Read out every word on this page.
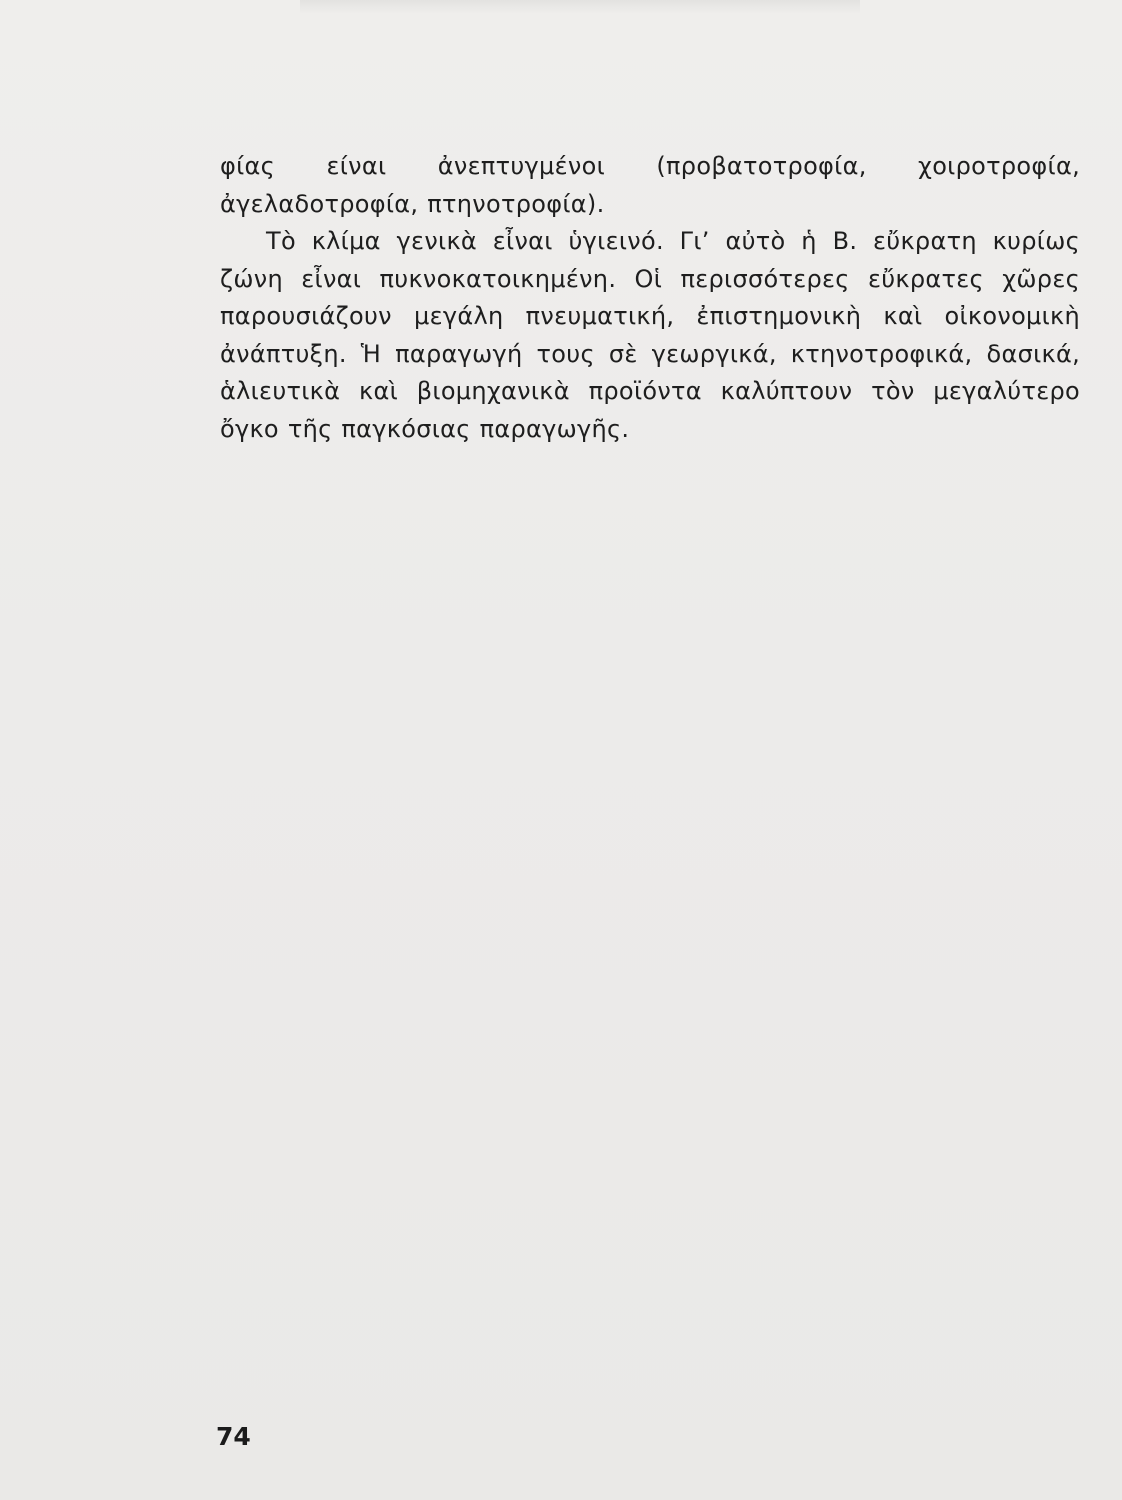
φίας είναι ἀνεπτυγμένοι (προβατοτροφία, χοιροτροφία, ἀγελαδοτροφία, πτηνοτροφία).

Τὸ κλίμα γενικὰ εἶναι ὑγιεινό. Γι’ αὐτὸ ἡ Β. εὔκρατη κυρίως ζώνη εἶναι πυκνοκατοικημένη. Οἱ περισσότερες εὔκρατες χῶρες παρουσιάζουν μεγάλη πνευματική, ἐπιστημονικὴ καὶ οἰκονομικὴ ἀνάπτυξη. Ἡ παραγωγή τους σὲ γεωργικά, κτηνοτροφικά, δασικά, ἁλιευτικὰ καὶ βιομηχανικὰ προϊόντα καλύπτουν τὸν μεγαλύτερο ὄγκο τῆς παγκόσιας παραγωγῆς.

74
